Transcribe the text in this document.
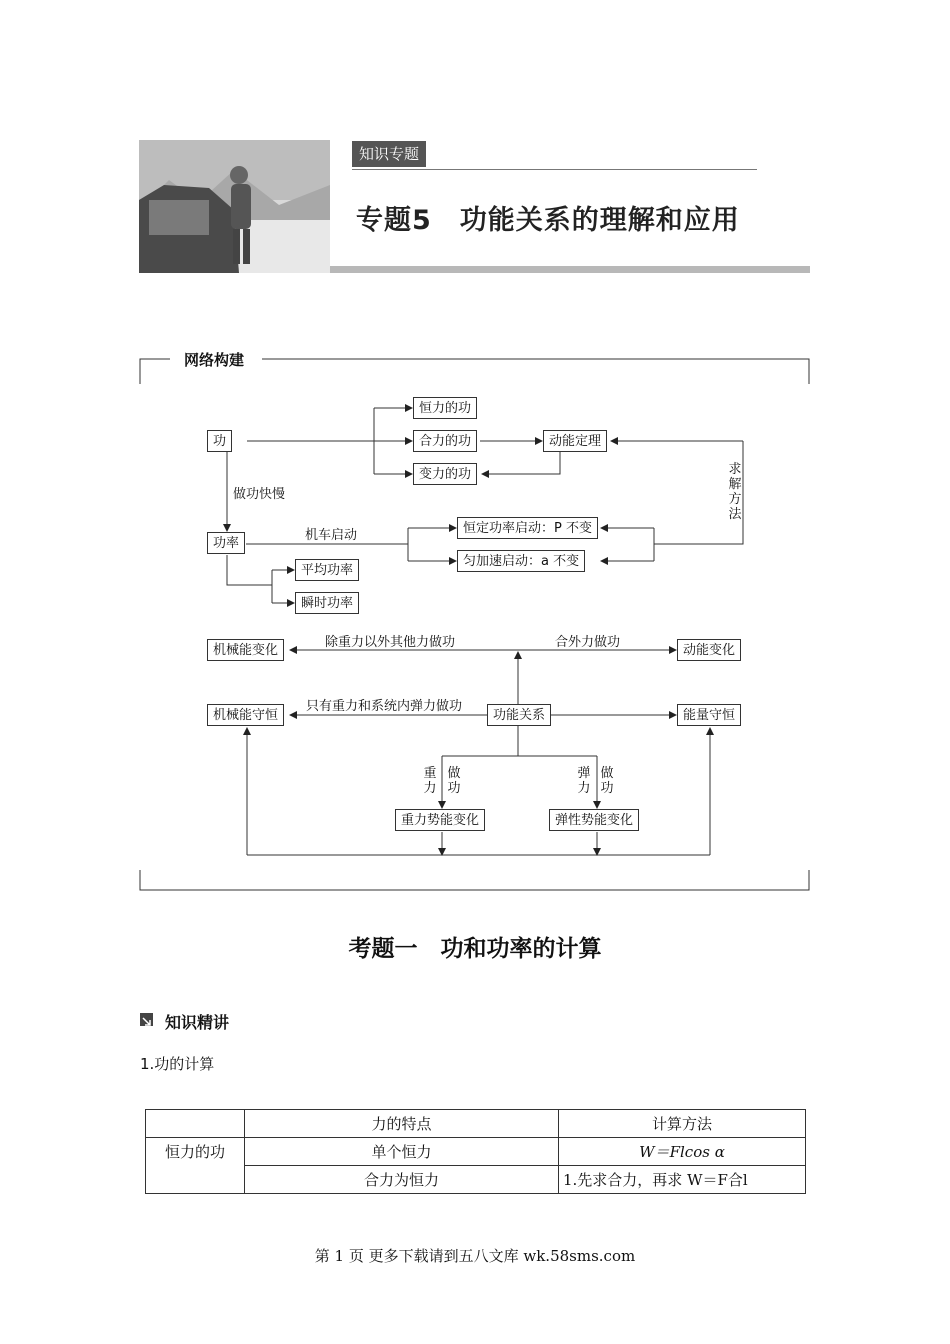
知识专题
专题5　功能关系的理解和应用
网络构建
功
恒力的功
合力的功
变力的功
动能定理
功率
恒定功率启动：P 不变
匀加速启动：a 不变
平均功率
瞬时功率
机械能变化	动能变化
机械能守恒	功能关系	能量守恒
重力势能变化	弹性势能变化
做功快慢
机车启动
求解方法
除重力以外其他力做功	合外力做功
只有重力和系统内弹力做功
重力
做功
弹力
做功
考题一　功和功率的计算
知识精讲
1.功的计算
	力的特点	计算方法
恒力的功	单个恒力	W＝Flcos α
	合力为恒力	1.先求合力，再求 W＝F合l
第 1 页 更多下载请到五八文库 wk.58sms.com
